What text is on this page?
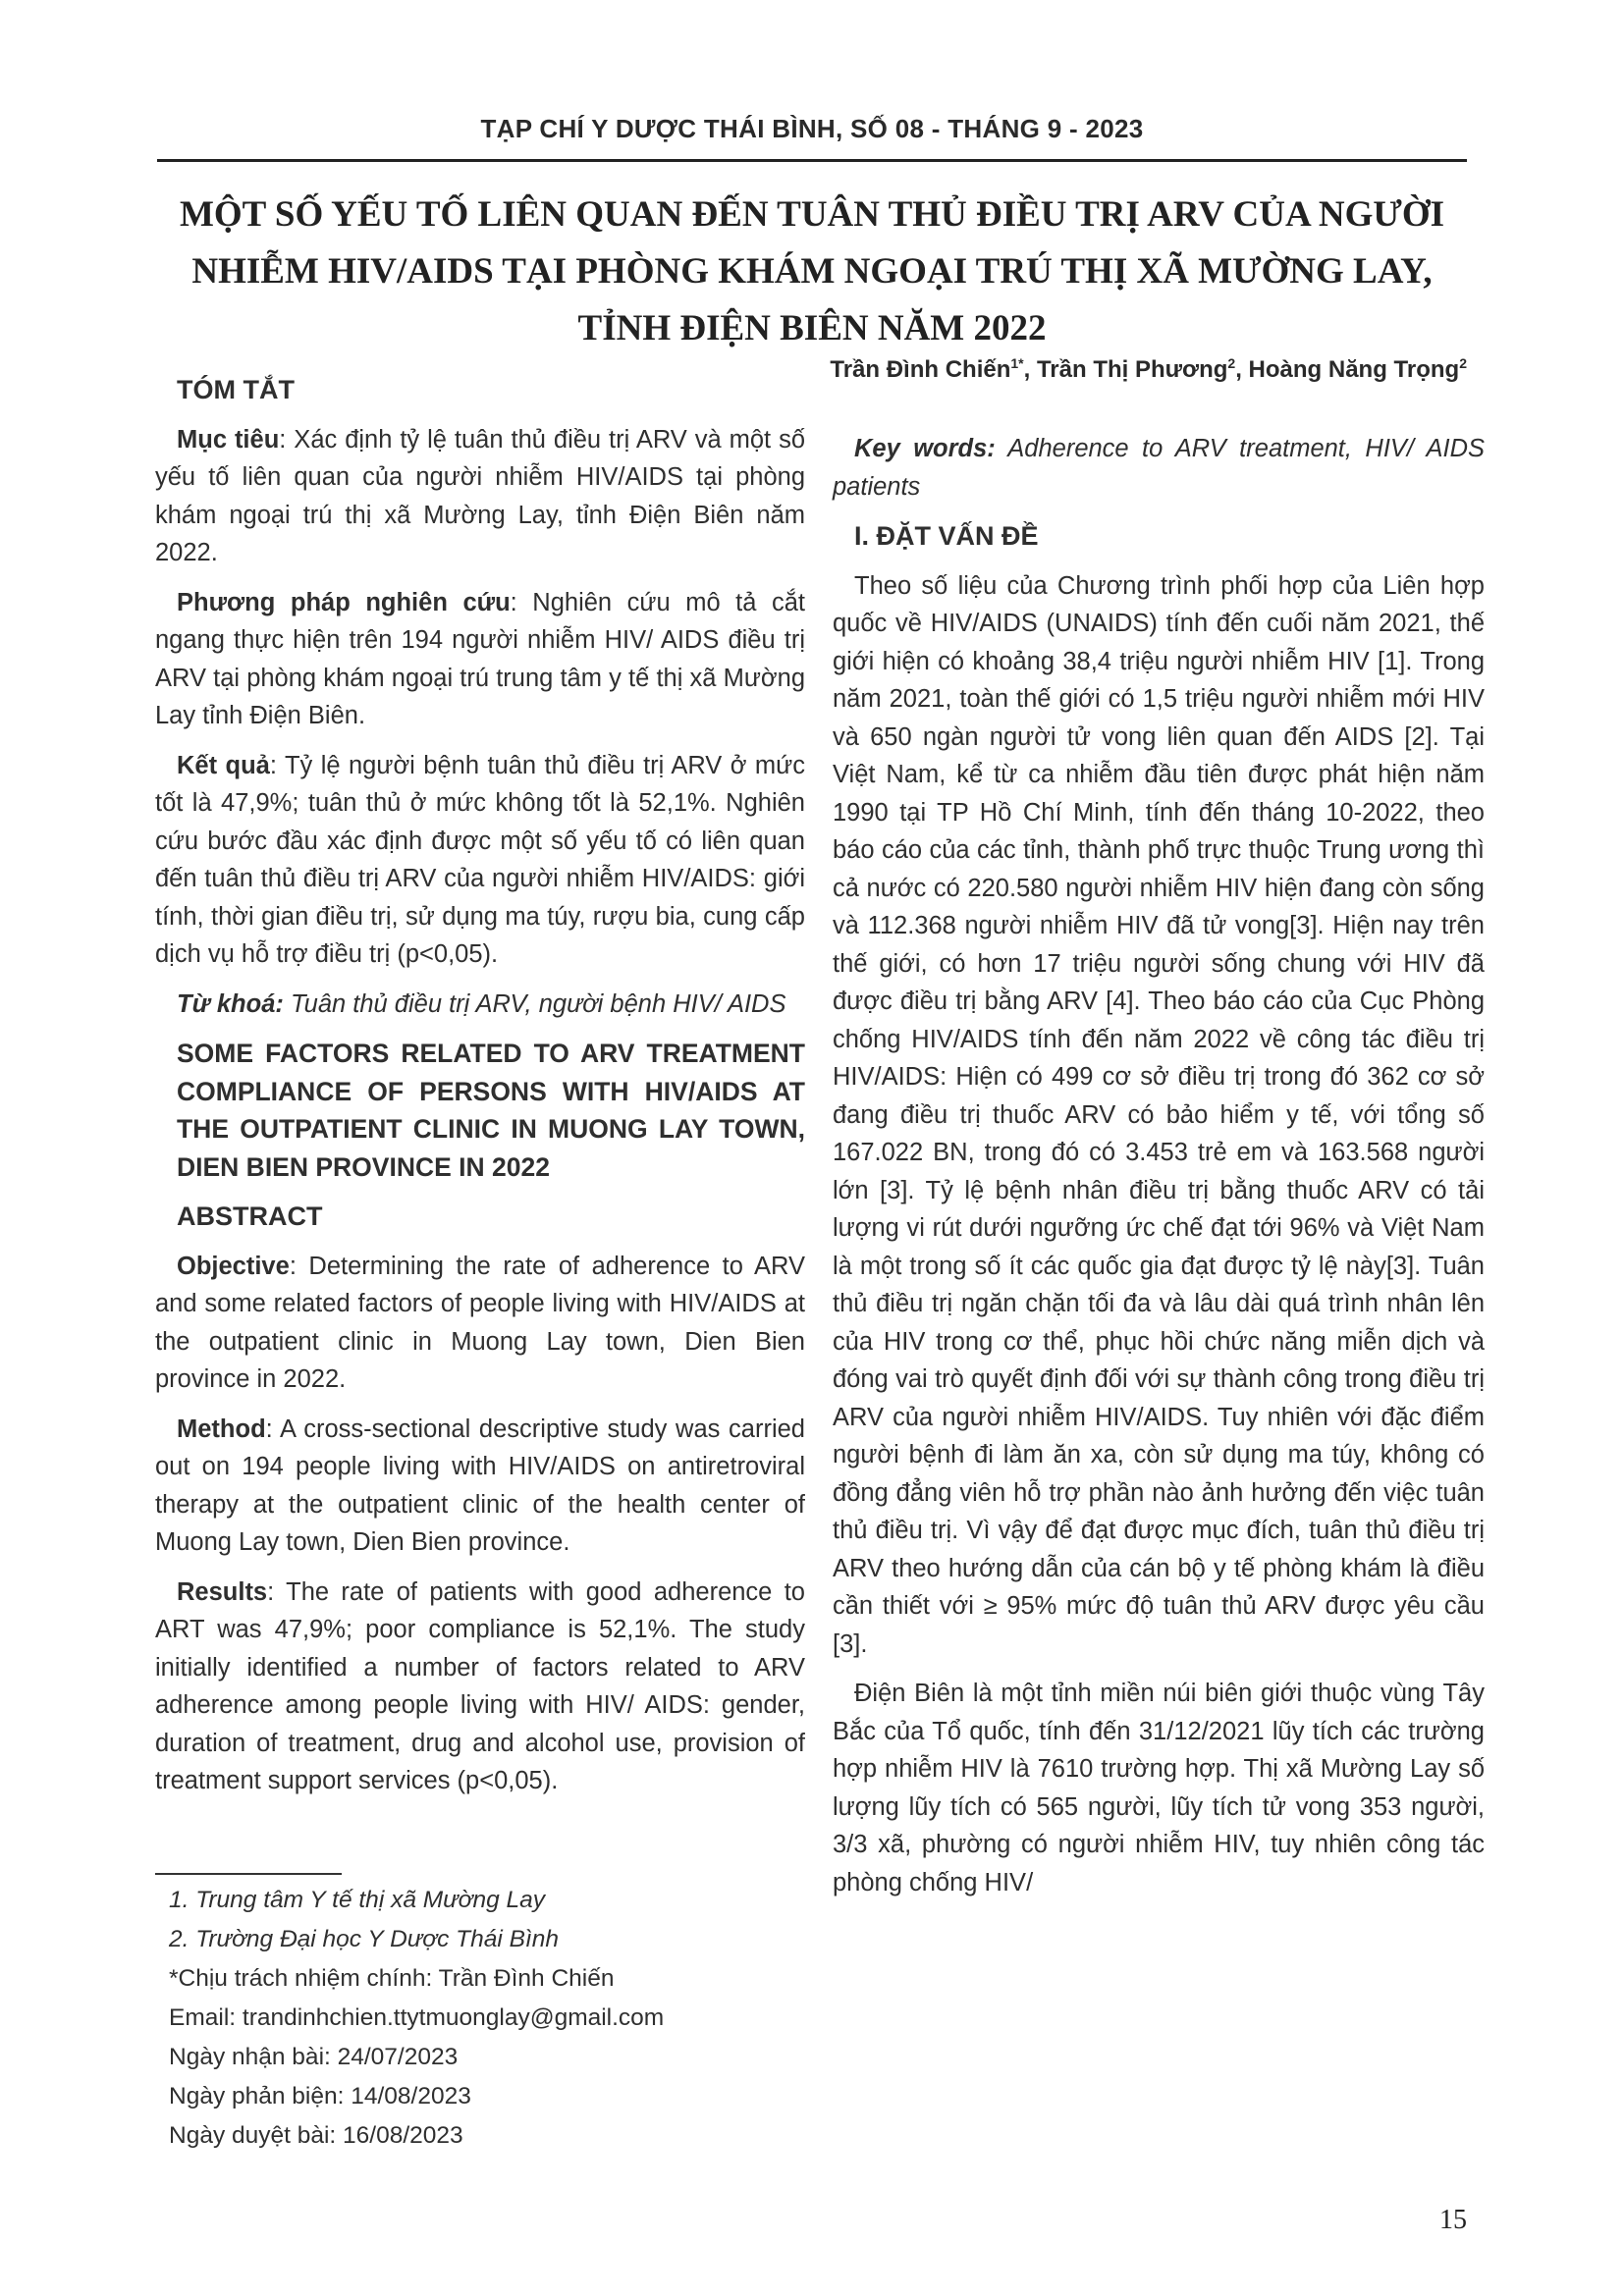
TẠP CHÍ Y DƯỢC THÁI BÌNH, SỐ 08 - THÁNG 9 - 2023
MỘT SỐ YẾU TỐ LIÊN QUAN ĐẾN TUÂN THỦ ĐIỀU TRỊ ARV CỦA NGƯỜI
NHIỄM HIV/AIDS TẠI PHÒNG KHÁM NGOẠI TRÚ THỊ XÃ MƯỜNG LAY,
TỈNH ĐIỆN BIÊN NĂM 2022
Trần Đình Chiến$^{1*}$, Trần Thị Phương$^2$, Hoàng Năng Trọng$^2$

TÓM TẮT

Mục tiêu: Xác định tỷ lệ tuân thủ điều trị ARV và một số yếu tố liên quan của người nhiễm HIV/AIDS tại phòng khám ngoại trú thị xã Mường Lay, tỉnh Điện Biên năm 2022.

Phương pháp nghiên cứu: Nghiên cứu mô tả cắt ngang thực hiện trên 194 người nhiễm HIV/ AIDS điều trị ARV tại phòng khám ngoại trú trung tâm y tế thị xã Mường Lay tỉnh Điện Biên.

Kết quả: Tỷ lệ người bệnh tuân thủ điều trị ARV ở mức tốt là 47,9%; tuân thủ ở mức không tốt là 52,1%. Nghiên cứu bước đầu xác định được một số yếu tố có liên quan đến tuân thủ điều trị ARV của người nhiễm HIV/AIDS: giới tính, thời gian điều trị, sử dụng ma túy, rượu bia, cung cấp dịch vụ hỗ trợ điều trị (p<0,05).

Từ khoá: Tuân thủ điều trị ARV, người bệnh HIV/ AIDS

SOME FACTORS RELATED TO ARV TREATMENT COMPLIANCE OF PERSONS WITH HIV/AIDS AT THE OUTPATIENT CLINIC IN MUONG LAY TOWN, DIEN BIEN PROVINCE IN 2022

ABSTRACT

Objective: Determining the rate of adherence to ARV and some related factors of people living with HIV/AIDS at the outpatient clinic in Muong Lay town, Dien Bien province in 2022.

Method: A cross-sectional descriptive study was carried out on 194 people living with HIV/AIDS on antiretroviral therapy at the outpatient clinic of the health center of Muong Lay town, Dien Bien province.

Results: The rate of patients with good adherence to ART was 47,9%; poor compliance is 52,1%. The study initially identified a number of factors related to ARV adherence among people living with HIV/ AIDS: gender, duration of treatment, drug and alcohol use, provision of treatment support services (p<0,05).

Key words: Adherence to ARV treatment, HIV/ AIDS patients

I. ĐẶT VẤN ĐỀ

Theo số liệu của Chương trình phối hợp của Liên hợp quốc về HIV/AIDS (UNAIDS) tính đến cuối năm 2021, thế giới hiện có khoảng 38,4 triệu người nhiễm HIV [1]. Trong năm 2021, toàn thế giới có 1,5 triệu người nhiễm mới HIV và 650 ngàn người tử vong liên quan đến AIDS [2]. Tại Việt Nam, kể từ ca nhiễm đầu tiên được phát hiện năm 1990 tại TP Hồ Chí Minh, tính đến tháng 10-2022, theo báo cáo của các tỉnh, thành phố trực thuộc Trung ương thì cả nước có 220.580 người nhiễm HIV hiện đang còn sống và 112.368 người nhiễm HIV đã tử vong[3]. Hiện nay trên thế giới, có hơn 17 triệu người sống chung với HIV đã được điều trị bằng ARV [4]. Theo báo cáo của Cục Phòng chống HIV/AIDS tính đến năm 2022 về công tác điều trị HIV/AIDS: Hiện có 499 cơ sở điều trị trong đó 362 cơ sở đang điều trị thuốc ARV có bảo hiểm y tế, với tổng số 167.022 BN, trong đó có 3.453 trẻ em và 163.568 người lớn [3]. Tỷ lệ bệnh nhân điều trị bằng thuốc ARV có tải lượng vi rút dưới ngưỡng ức chế đạt tới 96% và Việt Nam là một trong số ít các quốc gia đạt được tỷ lệ này[3]. Tuân thủ điều trị ngăn chặn tối đa và lâu dài quá trình nhân lên của HIV trong cơ thể, phục hồi chức năng miễn dịch và đóng vai trò quyết định đối với sự thành công trong điều trị ARV của người nhiễm HIV/AIDS. Tuy nhiên với đặc điểm người bệnh đi làm ăn xa, còn sử dụng ma túy, không có đồng đẳng viên hỗ trợ phần nào ảnh hưởng đến việc tuân thủ điều trị. Vì vậy để đạt được mục đích, tuân thủ điều trị ARV theo hướng dẫn của cán bộ y tế phòng khám là điều cần thiết với ≥ 95% mức độ tuân thủ ARV được yêu cầu [3].

Điện Biên là một tỉnh miền núi biên giới thuộc vùng Tây Bắc của Tổ quốc, tính đến 31/12/2021 lũy tích các trường hợp nhiễm HIV là 7610 trường hợp. Thị xã Mường Lay số lượng lũy tích có 565 người, lũy tích tử vong 353 người, 3/3 xã, phường có người nhiễm HIV, tuy nhiên công tác phòng chống HIV/

1. Trung tâm Y tế thị xã Mường Lay
2. Trường Đại học Y Dược Thái Bình
*Chịu trách nhiệm chính: Trần Đình Chiến
Email: trandinhchien.ttytmuonglay@gmail.com
Ngày nhận bài: 24/07/2023
Ngày phản biện: 14/08/2023
Ngày duyệt bài: 16/08/2023
15
